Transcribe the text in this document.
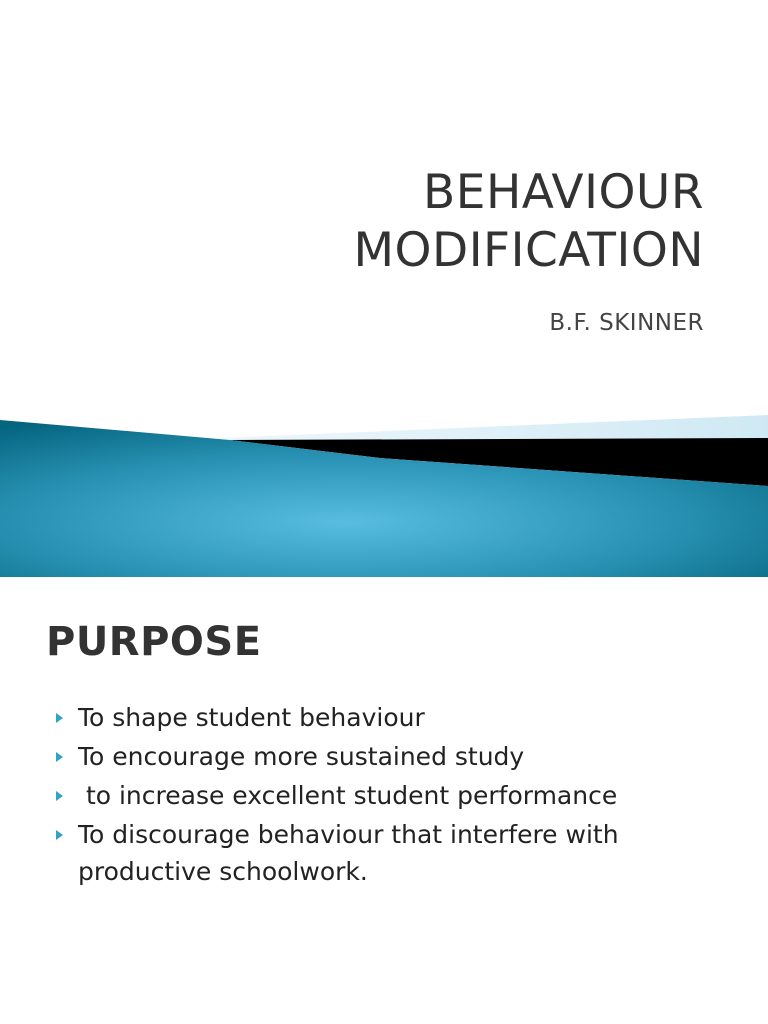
BEHAVIOUR
MODIFICATION

B.F. SKINNER

PURPOSE
To shape student behaviour
To encourage more sustained study
to increase excellent student performance
To discourage behaviour that interfere with productive schoolwork.
